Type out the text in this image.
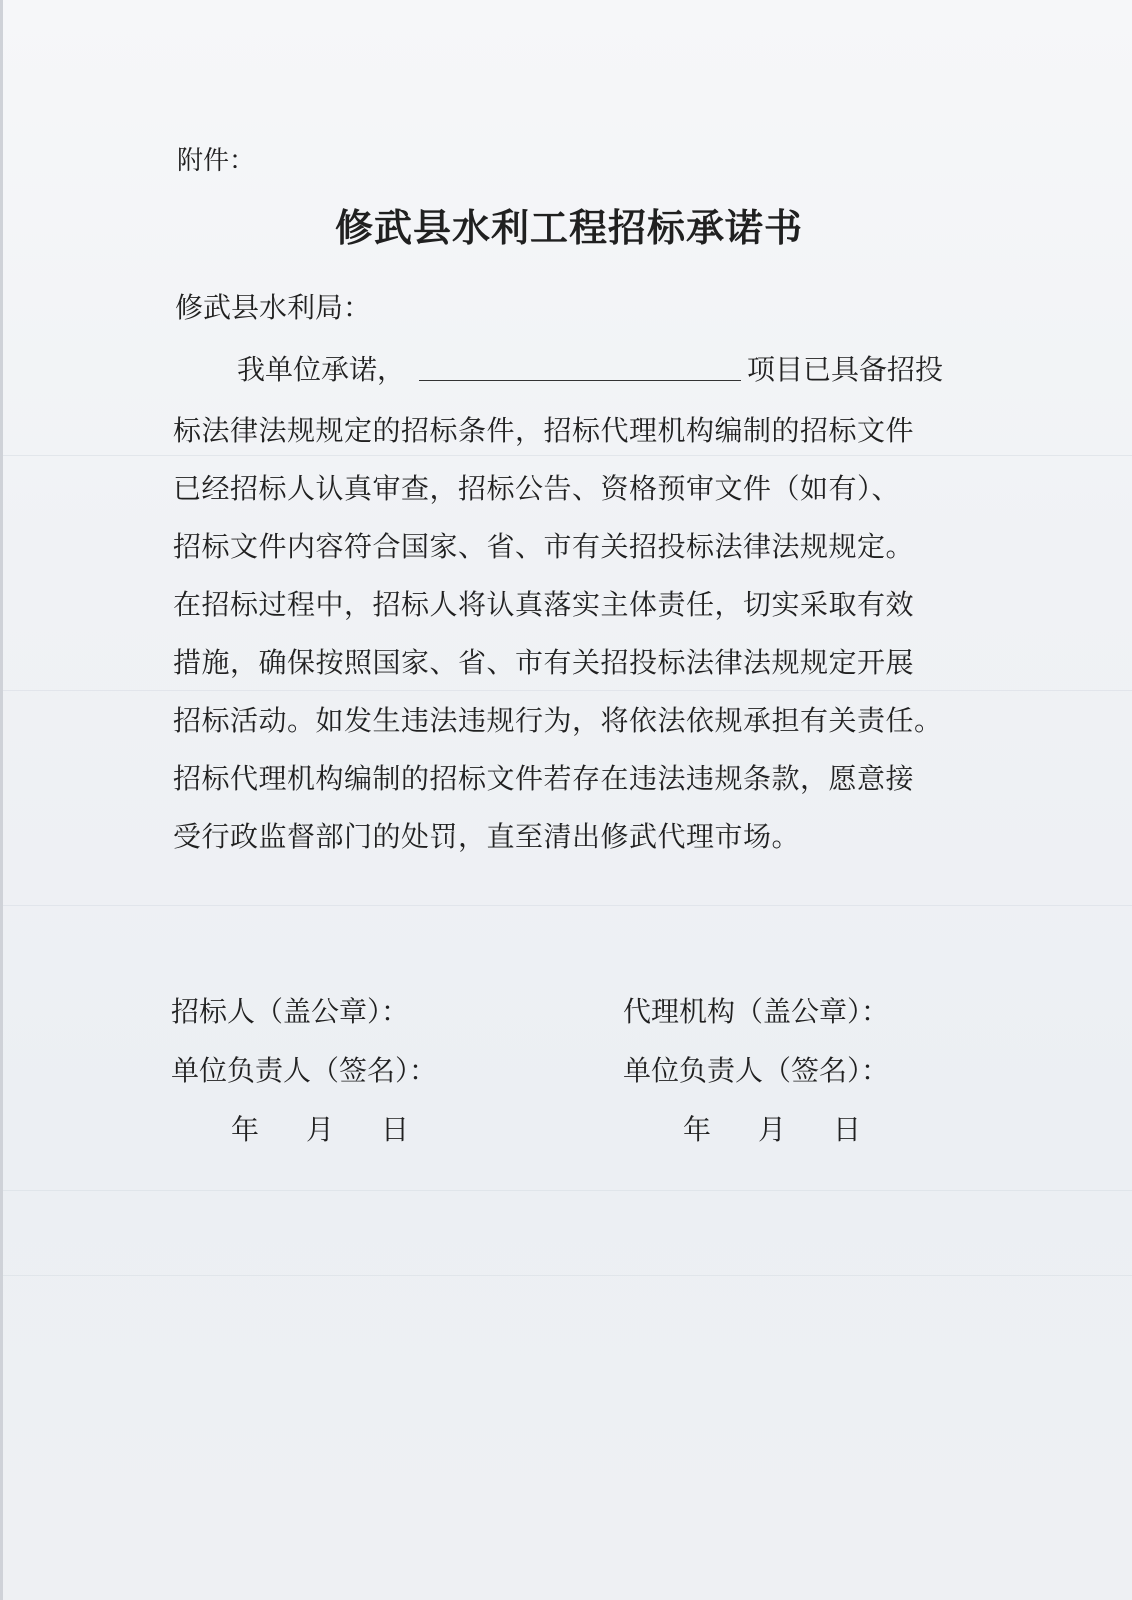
附件：
修武县水利工程招标承诺书
修武县水利局：
我单位承诺，	项目已具备招投
标法律法规规定的招标条件，招标代理机构编制的招标文件
已经招标人认真审查，招标公告、资格预审文件（如有）、
招标文件内容符合国家、省、市有关招投标法律法规规定。
在招标过程中，招标人将认真落实主体责任，切实采取有效
措施，确保按照国家、省、市有关招投标法律法规规定开展
招标活动。如发生违法违规行为，将依法依规承担有关责任。
招标代理机构编制的招标文件若存在违法违规条款，愿意接
受行政监督部门的处罚，直至清出修武代理市场。
招标人（盖公章）：
单位负责人（签名）：
年 月 日
代理机构（盖公章）：
单位负责人（签名）：
年 月 日
